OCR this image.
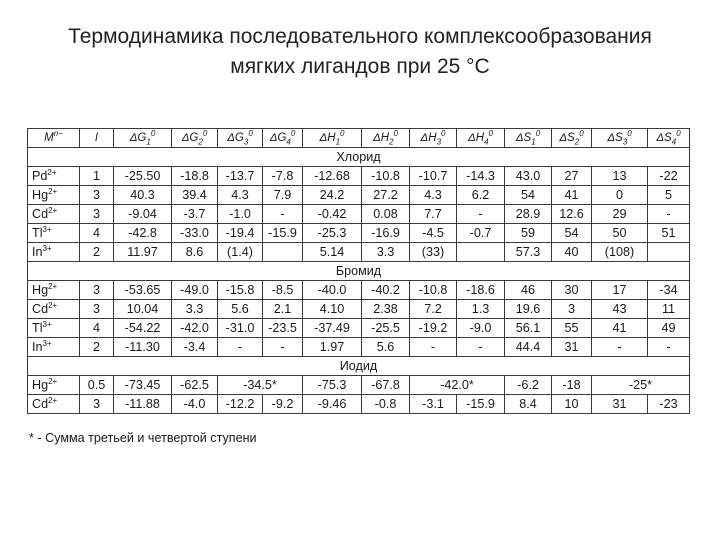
Термодинамика последовательного комплексообразования
мягких лигандов при 25 °С
$M^{n-}$	I	$\Delta G_1^0$	$\Delta G_2^0$	$\Delta G_3^0$	$\Delta G_4^0$	$\Delta H_1^0$	$\Delta H_2^0$	$\Delta H_3^0$	$\Delta H_4^0$	$\Delta S_1^0$	$\Delta S_2^0$	$\Delta S_3^0$	$\Delta S_4^0$
Хлорид													
$Pd^{2+}$	1	-25.50	-18.8	-13.7	-7.8	-12.68	-10.8	-10.7	-14.3	43.0	27	13	-22
$Hg^{2+}$	3	40.3	39.4	4.3	7.9	24.2	27.2	4.3	6.2	54	41	0	5
$Cd^{2+}$	3	-9.04	-3.7	-1.0	-	-0.42	0.08	7.7	-	28.9	12.6	29	-
$Tl^{3+}$	4	-42.8	-33.0	-19.4	-15.9	-25.3	-16.9	-4.5	-0.7	59	54	50	51
$In^{3+}$	2	11.97	8.6	(1.4)		5.14	3.3	(33)		57.3	40	(108)	
Бромид													
$Hg^{2+}$	3	-53.65	-49.0	-15.8	-8.5	-40.0	-40.2	-10.8	-18.6	46	30	17	-34
$Cd^{2+}$	3	10.04	3.3	5.6	2.1	4.10	2.38	7.2	1.3	19.6	3	43	11
$Tl^{3+}$	4	-54.22	-42.0	-31.0	-23.5	-37.49	-25.5	-19.2	-9.0	56.1	55	41	49
$In^{3+}$	2	-11.30	-3.4	-	-	1.97	5.6	-	-	44.4	31	-	-
Иодид													
$Hg^{2+}$	0.5	-73.45	-62.5	-34.5*		-75.3	-67.8	-42.0*		-6.2	-18	-25*	
$Cd^{2+}$	3	-11.88	-4.0	-12.2	-9.2	-9.46	-0.8	-3.1	-15.9	8.4	10	31	-23
* - Сумма третьей и четвертой ступени
